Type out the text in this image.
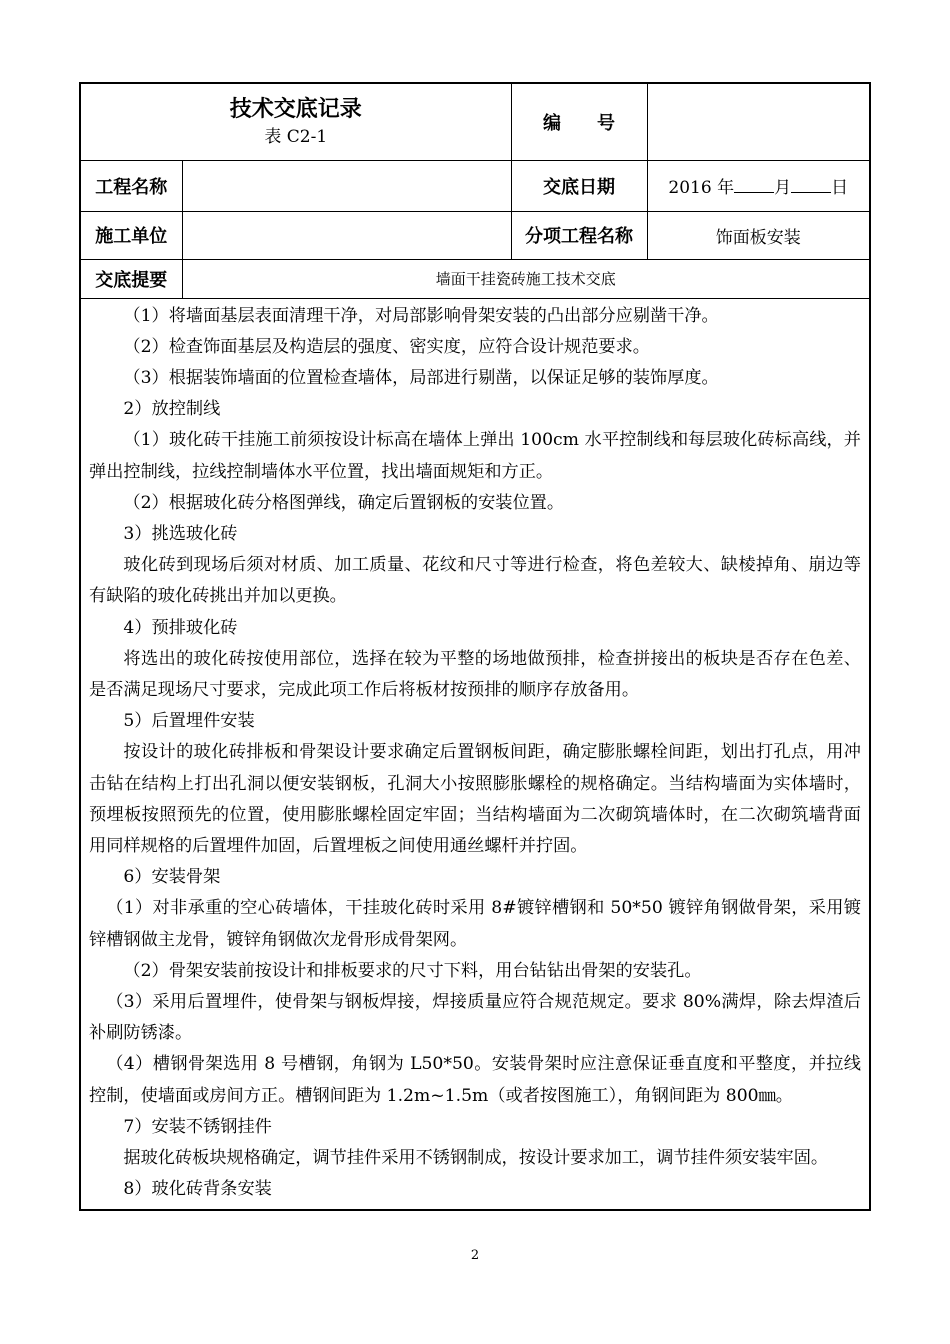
技术交底记录
表 C2-1		编　　号	
工程名称		交底日期	2016 年 月 日
施工单位		分项工程名称	饰面板安装
交底提要	墙面干挂瓷砖施工技术交底		

（1）将墙面基层表面清理干净，对局部影响骨架安装的凸出部分应剔凿干净。

（2）检查饰面基层及构造层的强度、密实度，应符合设计规范要求。

（3）根据装饰墙面的位置检查墙体，局部进行剔凿，以保证足够的装饰厚度。

2）放控制线

（1）玻化砖干挂施工前须按设计标高在墙体上弹出 100cm 水平控制线和每层玻化砖标高线，并弹出控制线，拉线控制墙体水平位置，找出墙面规矩和方正。

（2）根据玻化砖分格图弹线，确定后置钢板的安装位置。

3）挑选玻化砖

玻化砖到现场后须对材质、加工质量、花纹和尺寸等进行检查，将色差较大、缺棱掉角、崩边等有缺陷的玻化砖挑出并加以更换。

4）预排玻化砖

将选出的玻化砖按使用部位，选择在较为平整的场地做预排，检查拼接出的板块是否存在色差、是否满足现场尺寸要求，完成此项工作后将板材按预排的顺序存放备用。

5）后置埋件安装

按设计的玻化砖排板和骨架设计要求确定后置钢板间距，确定膨胀螺栓间距，划出打孔点，用冲击钻在结构上打出孔洞以便安装钢板，孔洞大小按照膨胀螺栓的规格确定。当结构墙面为实体墙时，预埋板按照预先的位置，使用膨胀螺栓固定牢固；当结构墙面为二次砌筑墙体时，在二次砌筑墙背面用同样规格的后置埋件加固，后置埋板之间使用通丝螺杆并拧固。

6）安装骨架

（1）对非承重的空心砖墙体，干挂玻化砖时采用 8#镀锌槽钢和 50*50 镀锌角钢做骨架，采用镀锌槽钢做主龙骨，镀锌角钢做次龙骨形成骨架网。

（2）骨架安装前按设计和排板要求的尺寸下料，用台钻钻出骨架的安装孔。

（3）采用后置埋件，使骨架与钢板焊接，焊接质量应符合规范规定。要求 80%满焊，除去焊渣后补刷防锈漆。

（4）槽钢骨架选用 8 号槽钢，角钢为 L50*50。安装骨架时应注意保证垂直度和平整度，并拉线控制，使墙面或房间方正。槽钢间距为 1.2m~1.5m（或者按图施工），角钢间距为 800㎜。

7）安装不锈钢挂件

据玻化砖板块规格确定，调节挂件采用不锈钢制成，按设计要求加工，调节挂件须安装牢固。

8）玻化砖背条安装

2
